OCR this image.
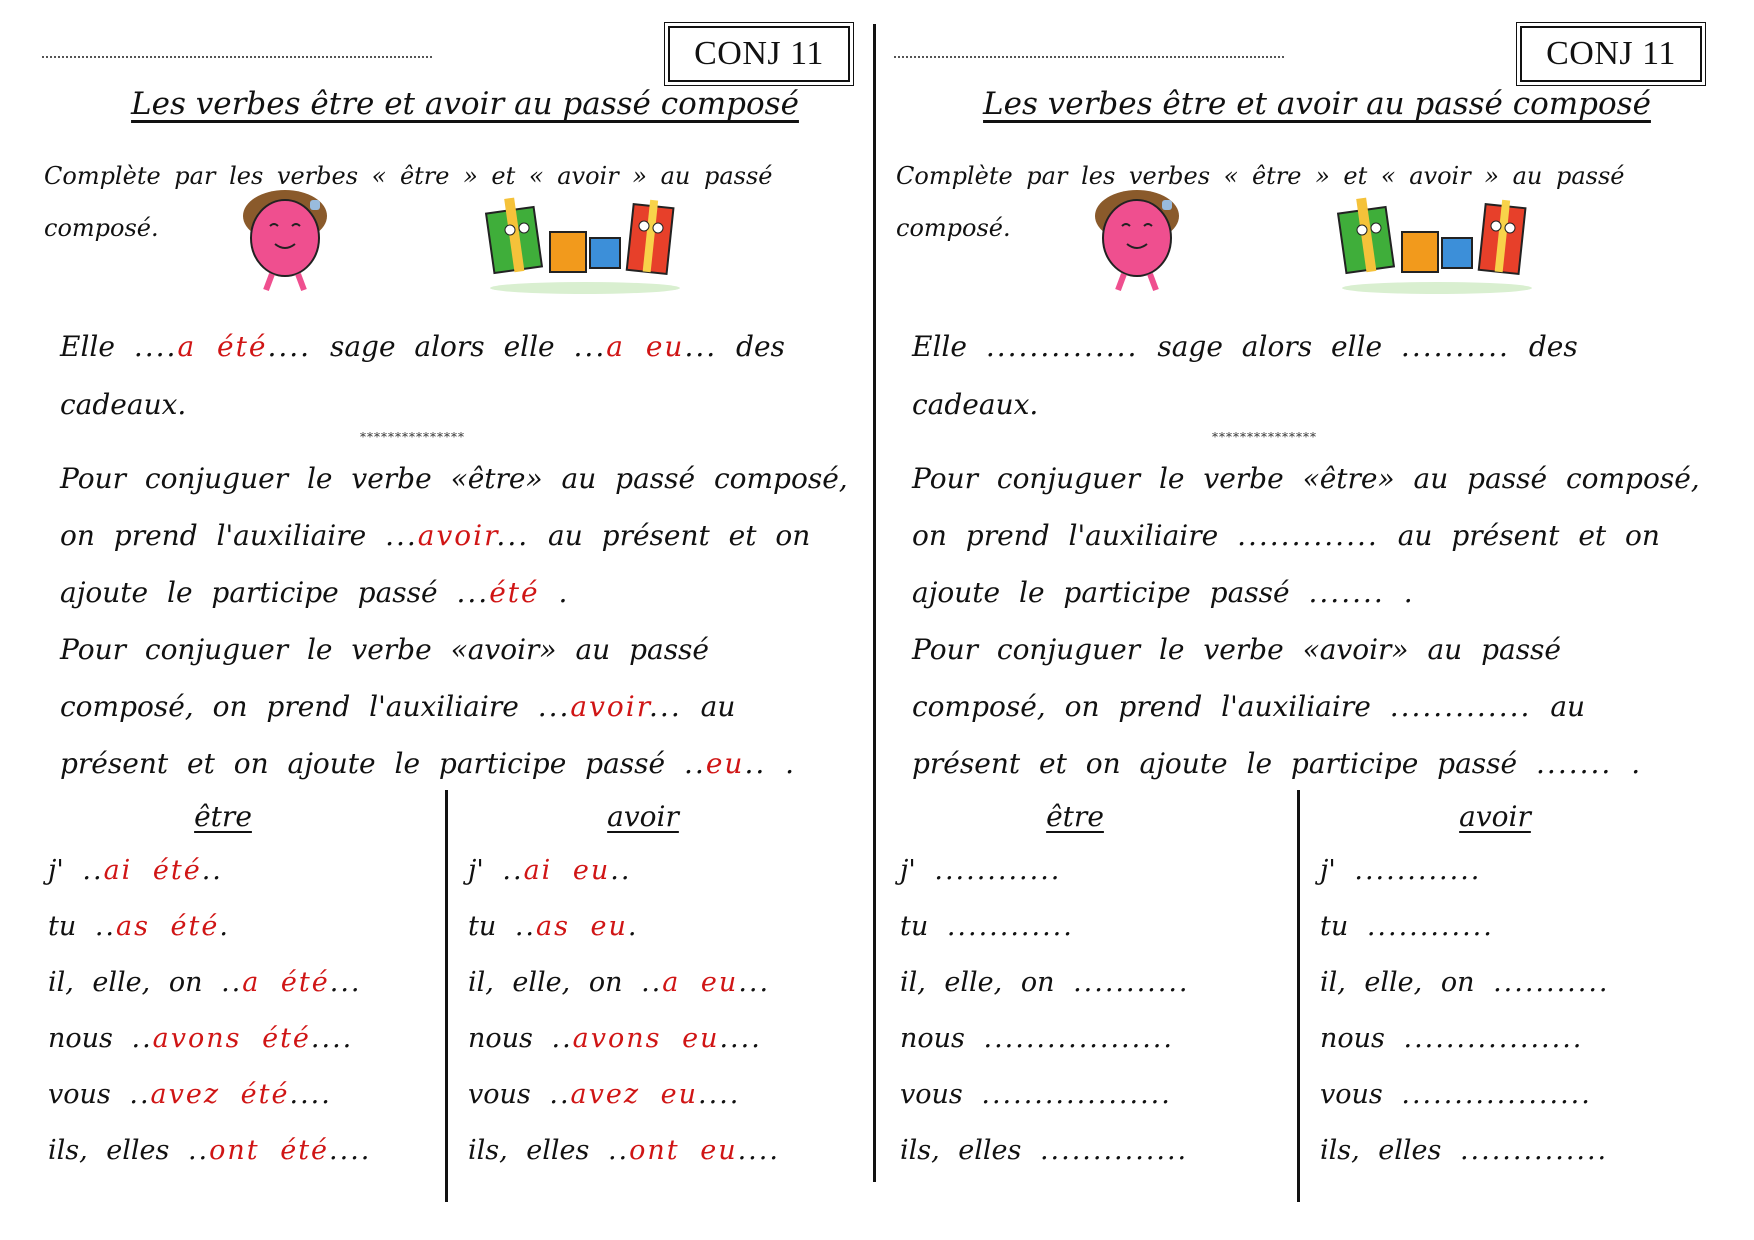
CONJ 11
Les verbes être et avoir au passé composé
Complète par les verbes « être » et « avoir » au passé composé.
Elle ....a été.... sage alors elle ...a eu... des cadeaux.
***************
Pour conjuguer le verbe «être» au passé composé, on prend l'auxiliaire ...avoir... au présent et on ajoute le participe passé ...été .
Pour conjuguer le verbe «avoir» au passé composé, on prend l'auxiliaire ...avoir... au présent et on ajoute le participe passé ..eu.. .
être
j' ..ai été..
tu ..as été.
il, elle, on ..a été...
nous ..avons été....
vous ..avez été....
ils, elles ..ont été....
avoir
j' ..ai eu..
tu ..as eu.
il, elle, on ..a eu...
nous ..avons eu....
vous ..avez eu....
ils, elles ..ont eu....
CONJ 11
Les verbes être et avoir au passé composé
Complète par les verbes « être » et « avoir » au passé composé.
Elle .............. sage alors elle .......... des cadeaux.
***************
Pour conjuguer le verbe «être» au passé composé, on prend l'auxiliaire ............. au présent et on ajoute le participe passé ....... .
Pour conjuguer le verbe «avoir» au passé composé, on prend l'auxiliaire ............. au présent et on ajoute le participe passé ....... .
être
j' ............
tu ............
il, elle, on ...........
nous ..................
vous ..................
ils, elles ..............
avoir
j' ............
tu ............
il, elle, on ...........
nous .................
vous ..................
ils, elles ..............
